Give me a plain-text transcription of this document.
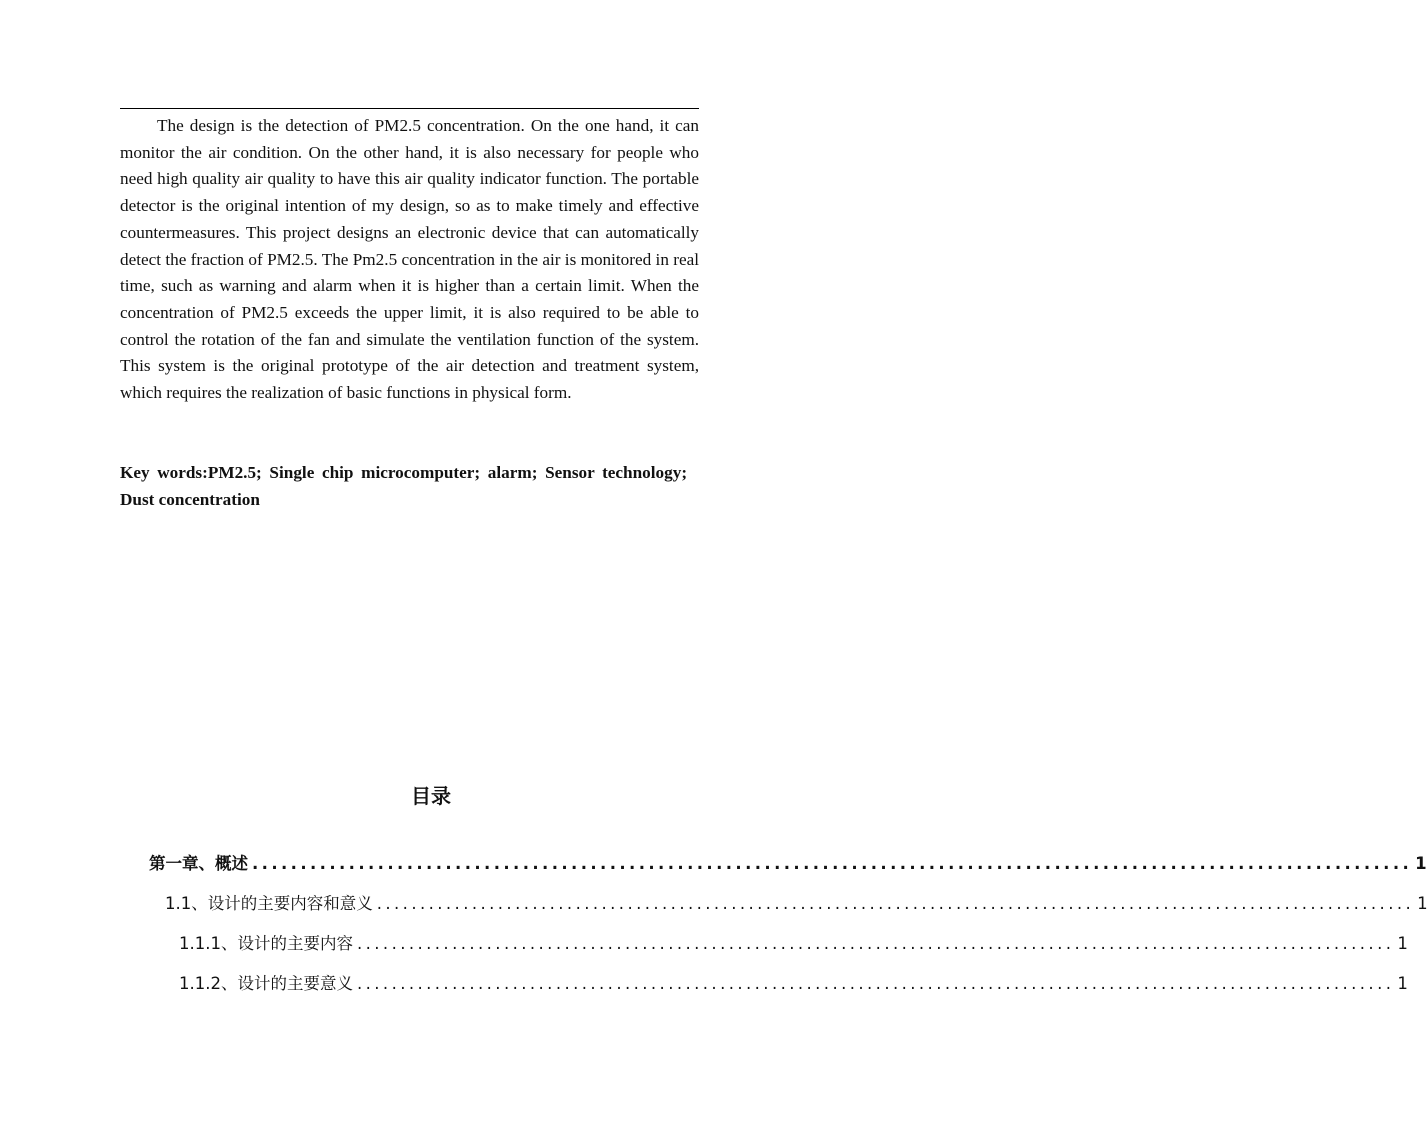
The design is the detection of PM2.5 concentration. On the one hand, it can monitor the air condition. On the other hand, it is also necessary for people who need high quality air quality to have this air quality indicator function. The portable detector is the original intention of my design, so as to make timely and effective countermeasures. This project designs an electronic device that can automatically detect the fraction of PM2.5. The Pm2.5 concentration in the air is monitored in real time, such as warning and alarm when it is higher than a certain limit. When the concentration of PM2.5 exceeds the upper limit, it is also required to be able to control the rotation of the fan and simulate the ventilation function of the system. This system is the original prototype of the air detection and treatment system, which requires the realization of basic functions in physical form.

Key words:PM2.5; Single chip microcomputer; alarm; Sensor technology;   Dust concentration

目录
第一章、概述 ........................................................................................................................ 1
1.1、设计的主要内容和意义 ........................................................................................................................ 1
1.1.1、设计的主要内容 ........................................................................................................................ 1
1.1.2、设计的主要意义 ........................................................................................................................ 1
